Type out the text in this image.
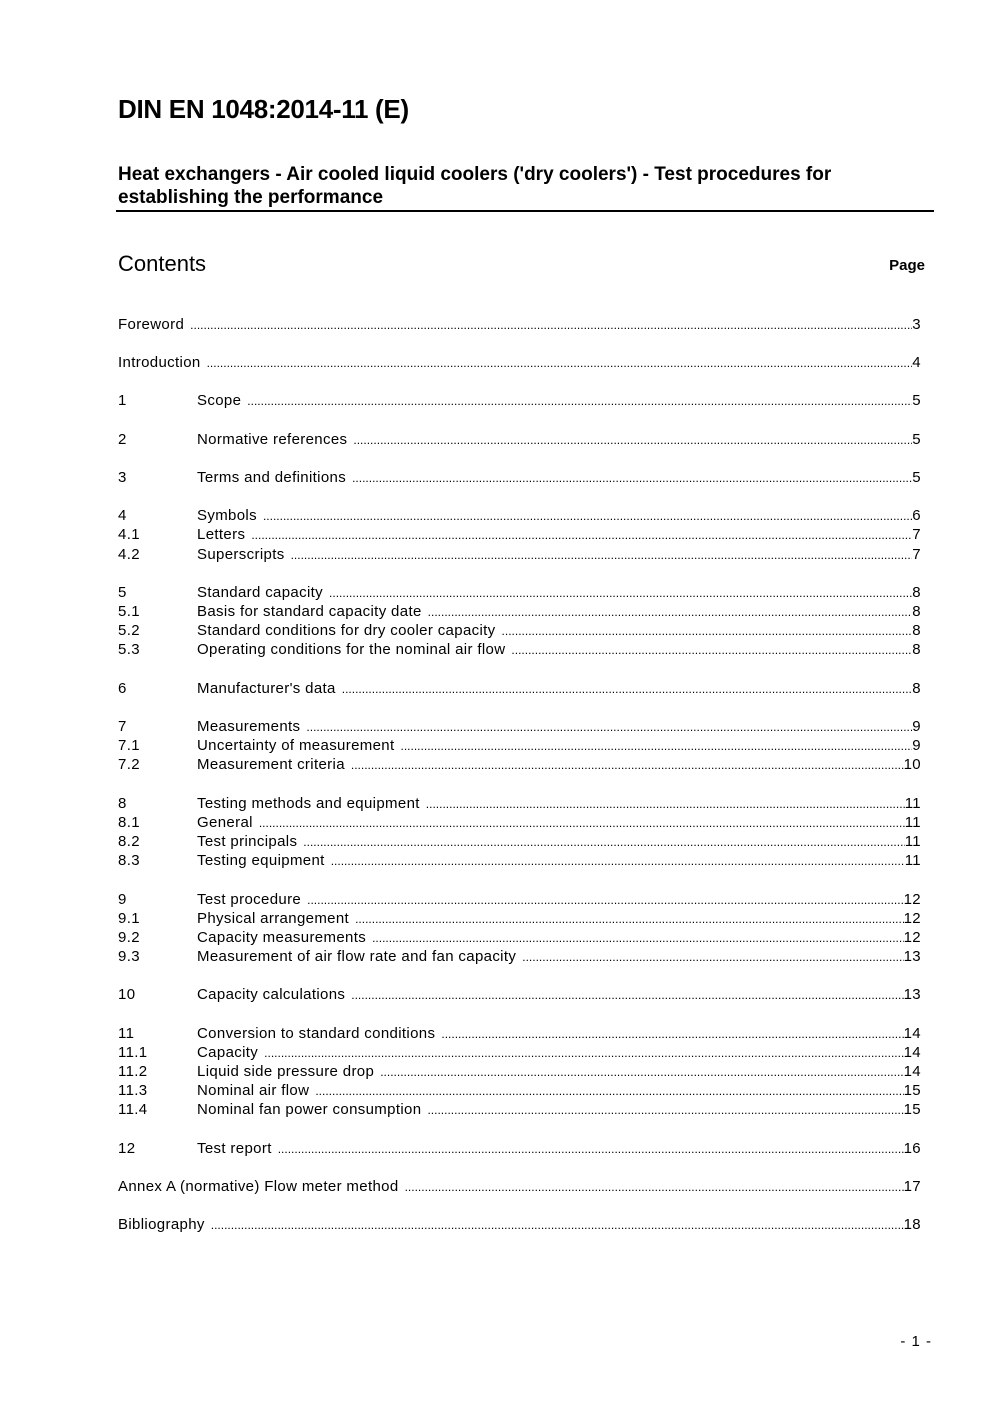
DIN EN 1048:2014-11 (E)
Heat exchangers - Air cooled liquid coolers ('dry coolers') - Test procedures for establishing the performance
Contents	Page
Foreword .....	3
Introduction .....	4
1	Scope .....	5
2	Normative references .....	5
3	Terms and definitions .....	5
4	Symbols .....	6
4.1	Letters .....	7
4.2	Superscripts .....	7
5	Standard capacity .....	8
5.1	Basis for standard capacity date .....	8
5.2	Standard conditions for dry cooler capacity .....	8
5.3	Operating conditions for the nominal air flow .....	8
6	Manufacturer's data .....	8
7	Measurements .....	9
7.1	Uncertainty of measurement .....	9
7.2	Measurement criteria .....	10
8	Testing methods and equipment .....	11
8.1	General .....	11
8.2	Test principals .....	11
8.3	Testing equipment .....	11
9	Test procedure .....	12
9.1	Physical arrangement .....	12
9.2	Capacity measurements .....	12
9.3	Measurement of air flow rate and fan capacity .....	13
10	Capacity calculations .....	13
11	Conversion to standard conditions .....	14
11.1	Capacity .....	14
11.2	Liquid side pressure drop .....	14
11.3	Nominal air flow .....	15
11.4	Nominal fan power consumption .....	15
12	Test report .....	16
Annex A (normative) Flow meter method .....	17
Bibliography .....	18
- 1 -
